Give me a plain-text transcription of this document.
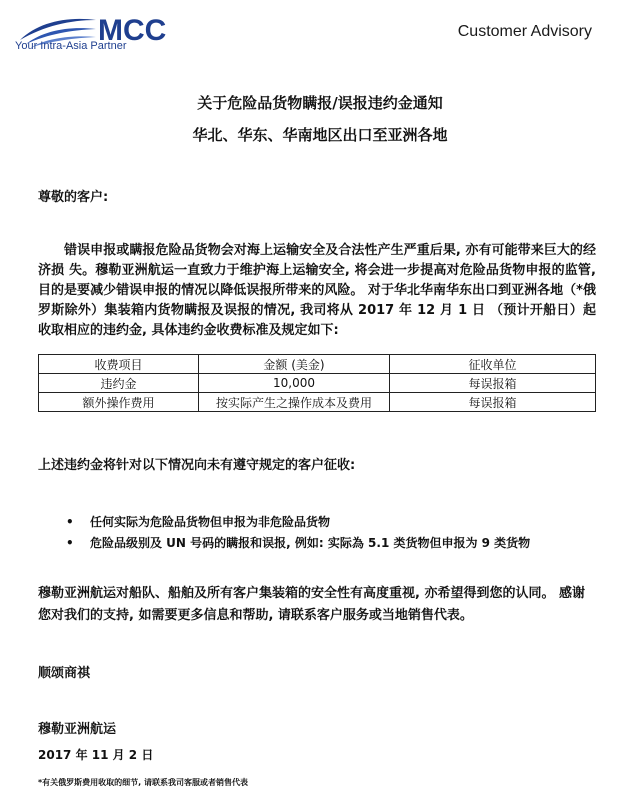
MCC
Your Intra-Asia Partner
Customer Advisory
关于危险品货物瞒报/误报违约金通知
华北、华东、华南地区出口至亚洲各地
尊敬的客户:
错误申报或瞒报危险品货物会对海上运输安全及合法性产生严重后果, 亦有可能带来巨大的经济损 失。穆勒亚洲航运一直致力于维护海上运输安全, 将会进一步提高对危险品货物申报的监管, 目的是要减少错误申报的情况以降低误报所带来的风险。 对于华北华南华东出口到亚洲各地（*俄罗斯除外）集装箱内货物瞒报及误报的情况, 我司将从 2017 年 12 月 1 日 （预计开船日）起收取相应的违约金, 具体违约金收费标准及规定如下:
收费项目	金额 (美金)	征收单位
违约金	10,000	每误报箱
额外操作费用	按实际产生之操作成本及费用	每误报箱
上述违约金将针对以下情况向未有遵守规定的客户征收:
• 任何实际为危险品货物但申报为非危险品货物
• 危险品级别及 UN 号码的瞒报和误报, 例如: 实际為 5.1 类货物但申报为 9 类货物
穆勒亚洲航运对船队、船舶及所有客户集装箱的安全性有高度重视, 亦希望得到您的认同。 感谢您对我们的支持, 如需要更多信息和帮助, 请联系客户服务或当地销售代表。
顺颂商祺
穆勒亚洲航运
2017 年 11 月 2 日
*有关俄罗斯费用收取的细节, 请联系我司客服或者销售代表
